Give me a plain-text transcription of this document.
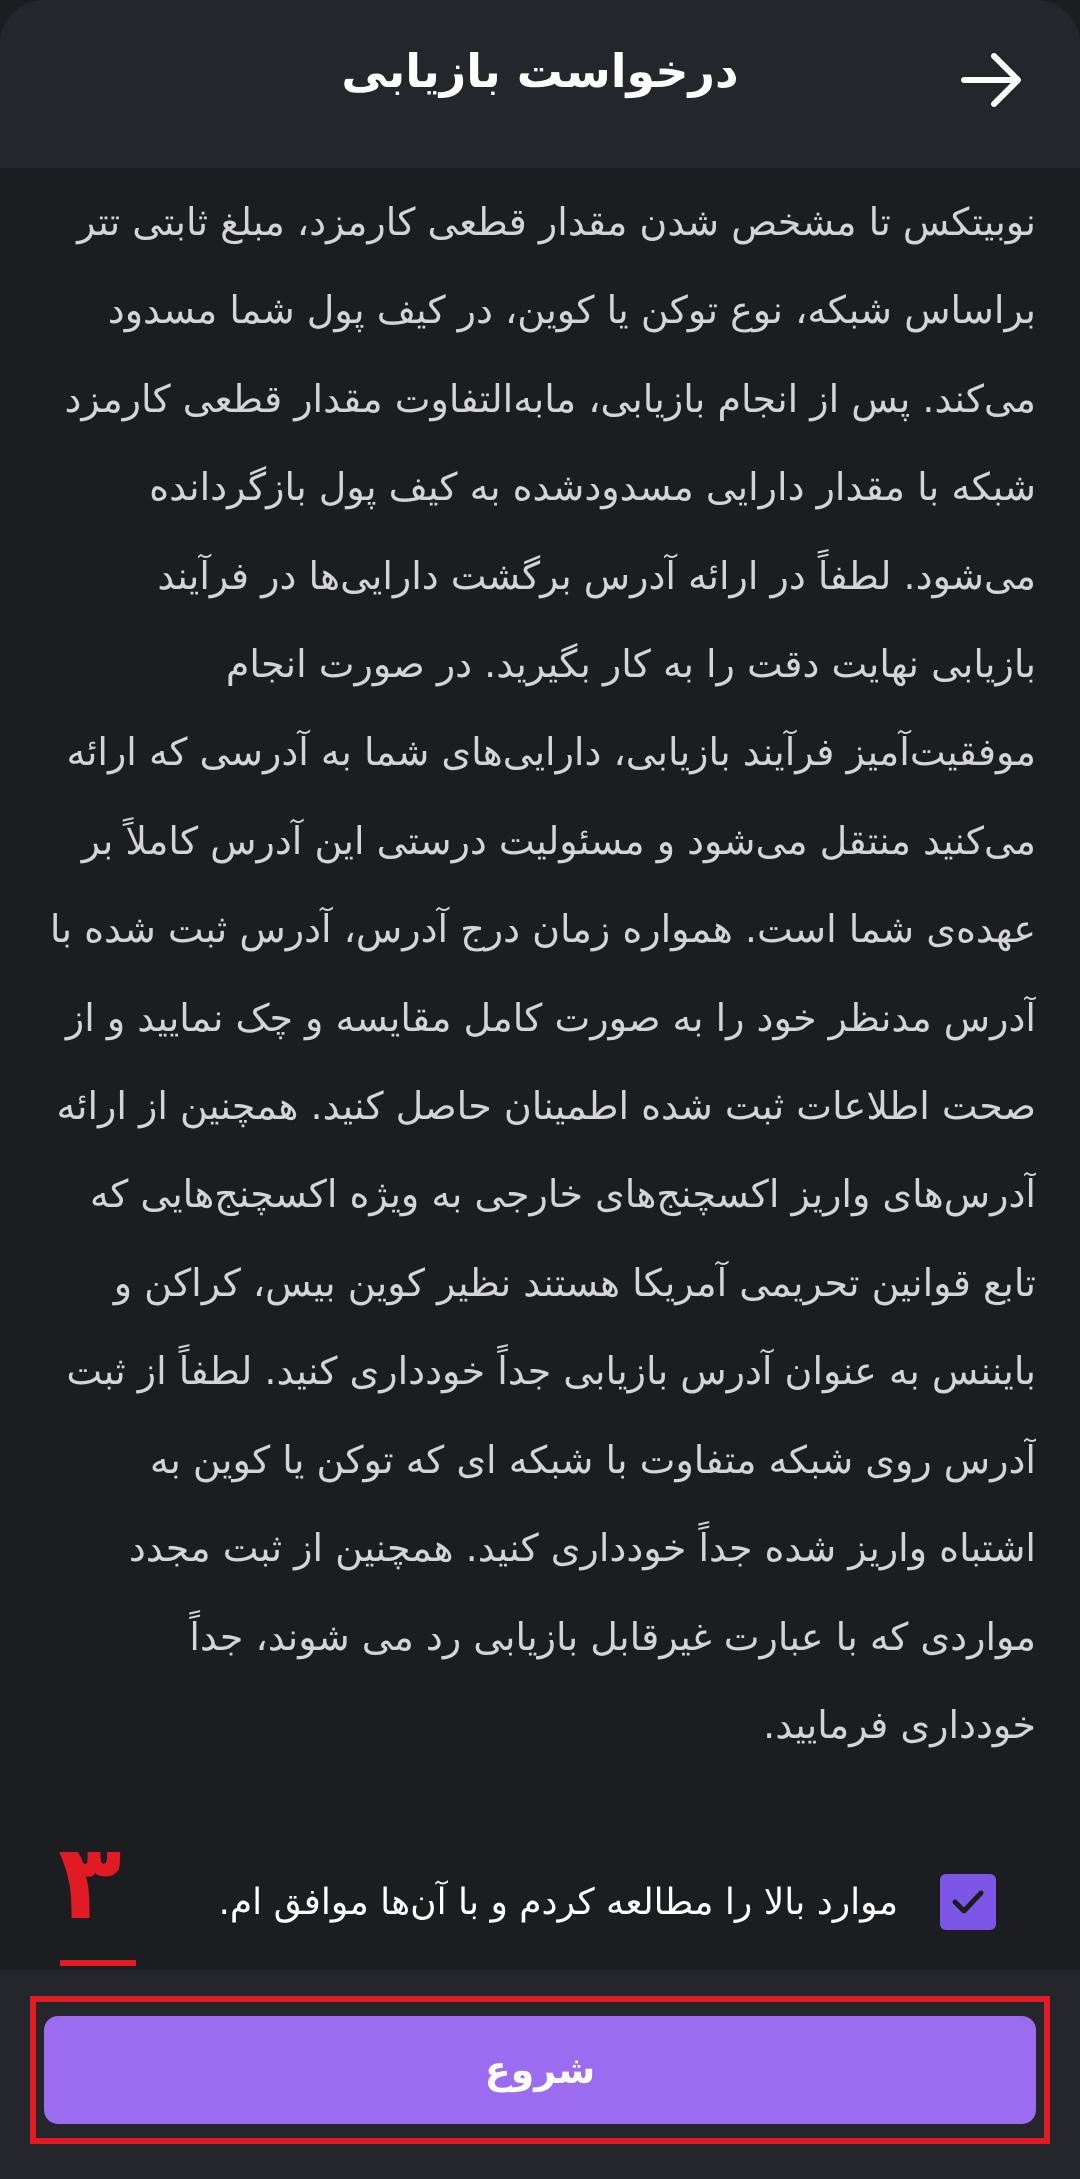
درخواست بازیابی
نوبیتکس تا مشخص شدن مقدار قطعی کارمزد، مبلغ ثابتی تتر براساس شبکه، نوع توکن یا کوین، در کیف پول شما مسدود می‌کند. پس از انجام بازیابی، مابه‌التفاوت مقدار قطعی کارمزد شبکه با مقدار دارایی مسدودشده به کیف پول بازگردانده می‌شود. لطفاً در ارائه آدرس برگشت دارایی‌ها در فرآیند بازیابی نهایت دقت را به کار بگیرید. در صورت انجام موفقیت‌آمیز فرآیند بازیابی، دارایی‌های شما به آدرسی که ارائه می‌کنید منتقل می‌شود و مسئولیت درستی این آدرس کاملاً بر عهده‌ی شما است. همواره زمان درج آدرس، آدرس ثبت شده با آدرس مدنظر خود را به صورت کامل مقایسه و چک نمایید و از صحت اطلاعات ثبت شده اطمینان حاصل کنید. همچنین از ارائه آدرس‌های واریز اکسچنج‌های خارجی به ویژه اکسچنج‌هایی که تابع قوانین تحریمی آمریکا هستند نظیر کوین بیس، کراکن و بایننس به عنوان آدرس بازیابی جداً خودداری کنید. لطفاً از ثبت آدرس روی شبکه متفاوت با شبکه ای که توکن یا کوین به اشتباه واریز شده جداً خودداری کنید. همچنین از ثبت مجدد مواردی که با عبارت غیرقابل بازیابی رد می شوند، جداً خودداری فرمایید.
موارد بالا را مطالعه کردم و با آن‌ها موافق ام.
۳
شروع
